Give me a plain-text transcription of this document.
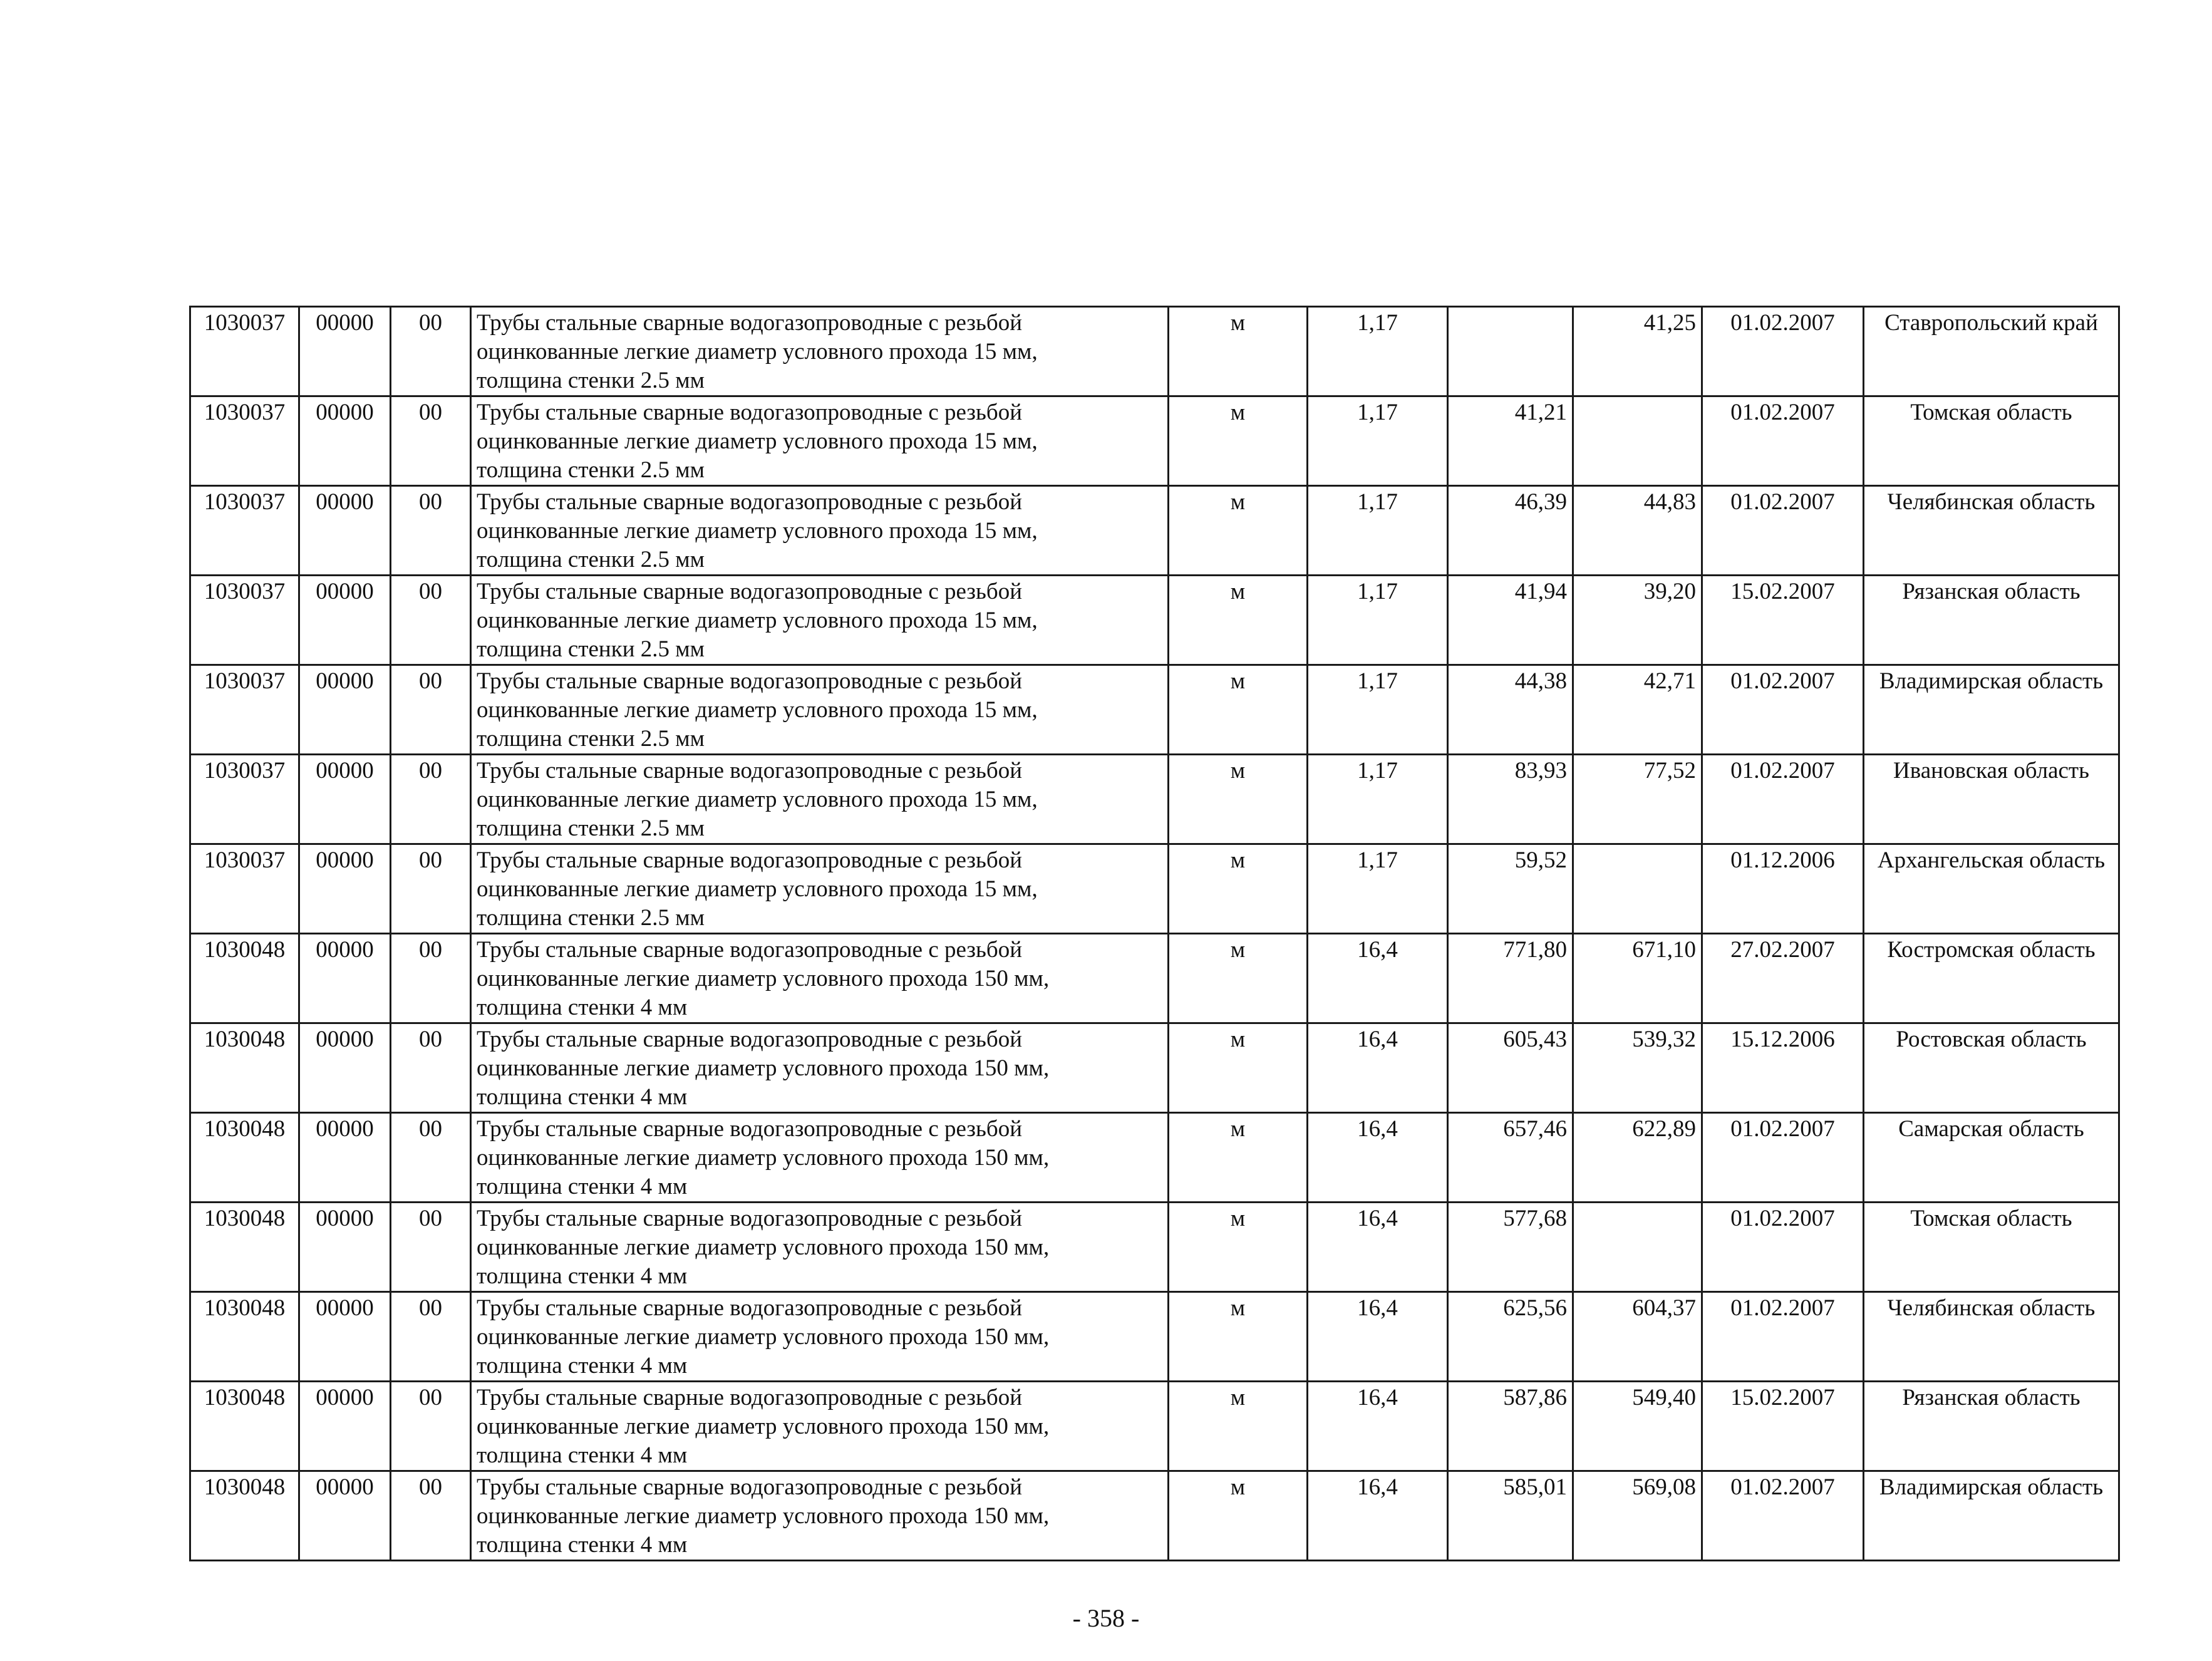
1030037	00000	00	Трубы стальные сварные водогазопроводные с резьбой
оцинкованные легкие диаметр условного прохода 15 мм,
толщина стенки 2.5 мм	м	1,17		41,25	01.02.2007	Ставропольский край
1030037	00000	00	Трубы стальные сварные водогазопроводные с резьбой
оцинкованные легкие диаметр условного прохода 15 мм,
толщина стенки 2.5 мм	м	1,17	41,21		01.02.2007	Томская область
1030037	00000	00	Трубы стальные сварные водогазопроводные с резьбой
оцинкованные легкие диаметр условного прохода 15 мм,
толщина стенки 2.5 мм	м	1,17	46,39	44,83	01.02.2007	Челябинская область
1030037	00000	00	Трубы стальные сварные водогазопроводные с резьбой
оцинкованные легкие диаметр условного прохода 15 мм,
толщина стенки 2.5 мм	м	1,17	41,94	39,20	15.02.2007	Рязанская область
1030037	00000	00	Трубы стальные сварные водогазопроводные с резьбой
оцинкованные легкие диаметр условного прохода 15 мм,
толщина стенки 2.5 мм	м	1,17	44,38	42,71	01.02.2007	Владимирская область
1030037	00000	00	Трубы стальные сварные водогазопроводные с резьбой
оцинкованные легкие диаметр условного прохода 15 мм,
толщина стенки 2.5 мм	м	1,17	83,93	77,52	01.02.2007	Ивановская область
1030037	00000	00	Трубы стальные сварные водогазопроводные с резьбой
оцинкованные легкие диаметр условного прохода 15 мм,
толщина стенки 2.5 мм	м	1,17	59,52		01.12.2006	Архангельская область
1030048	00000	00	Трубы стальные сварные водогазопроводные с резьбой
оцинкованные легкие диаметр условного прохода 150 мм,
толщина стенки 4 мм	м	16,4	771,80	671,10	27.02.2007	Костромская область
1030048	00000	00	Трубы стальные сварные водогазопроводные с резьбой
оцинкованные легкие диаметр условного прохода 150 мм,
толщина стенки 4 мм	м	16,4	605,43	539,32	15.12.2006	Ростовская область
1030048	00000	00	Трубы стальные сварные водогазопроводные с резьбой
оцинкованные легкие диаметр условного прохода 150 мм,
толщина стенки 4 мм	м	16,4	657,46	622,89	01.02.2007	Самарская область
1030048	00000	00	Трубы стальные сварные водогазопроводные с резьбой
оцинкованные легкие диаметр условного прохода 150 мм,
толщина стенки 4 мм	м	16,4	577,68		01.02.2007	Томская область
1030048	00000	00	Трубы стальные сварные водогазопроводные с резьбой
оцинкованные легкие диаметр условного прохода 150 мм,
толщина стенки 4 мм	м	16,4	625,56	604,37	01.02.2007	Челябинская область
1030048	00000	00	Трубы стальные сварные водогазопроводные с резьбой
оцинкованные легкие диаметр условного прохода 150 мм,
толщина стенки 4 мм	м	16,4	587,86	549,40	15.02.2007	Рязанская область
1030048	00000	00	Трубы стальные сварные водогазопроводные с резьбой
оцинкованные легкие диаметр условного прохода 150 мм,
толщина стенки 4 мм	м	16,4	585,01	569,08	01.02.2007	Владимирская область
- 358 -
